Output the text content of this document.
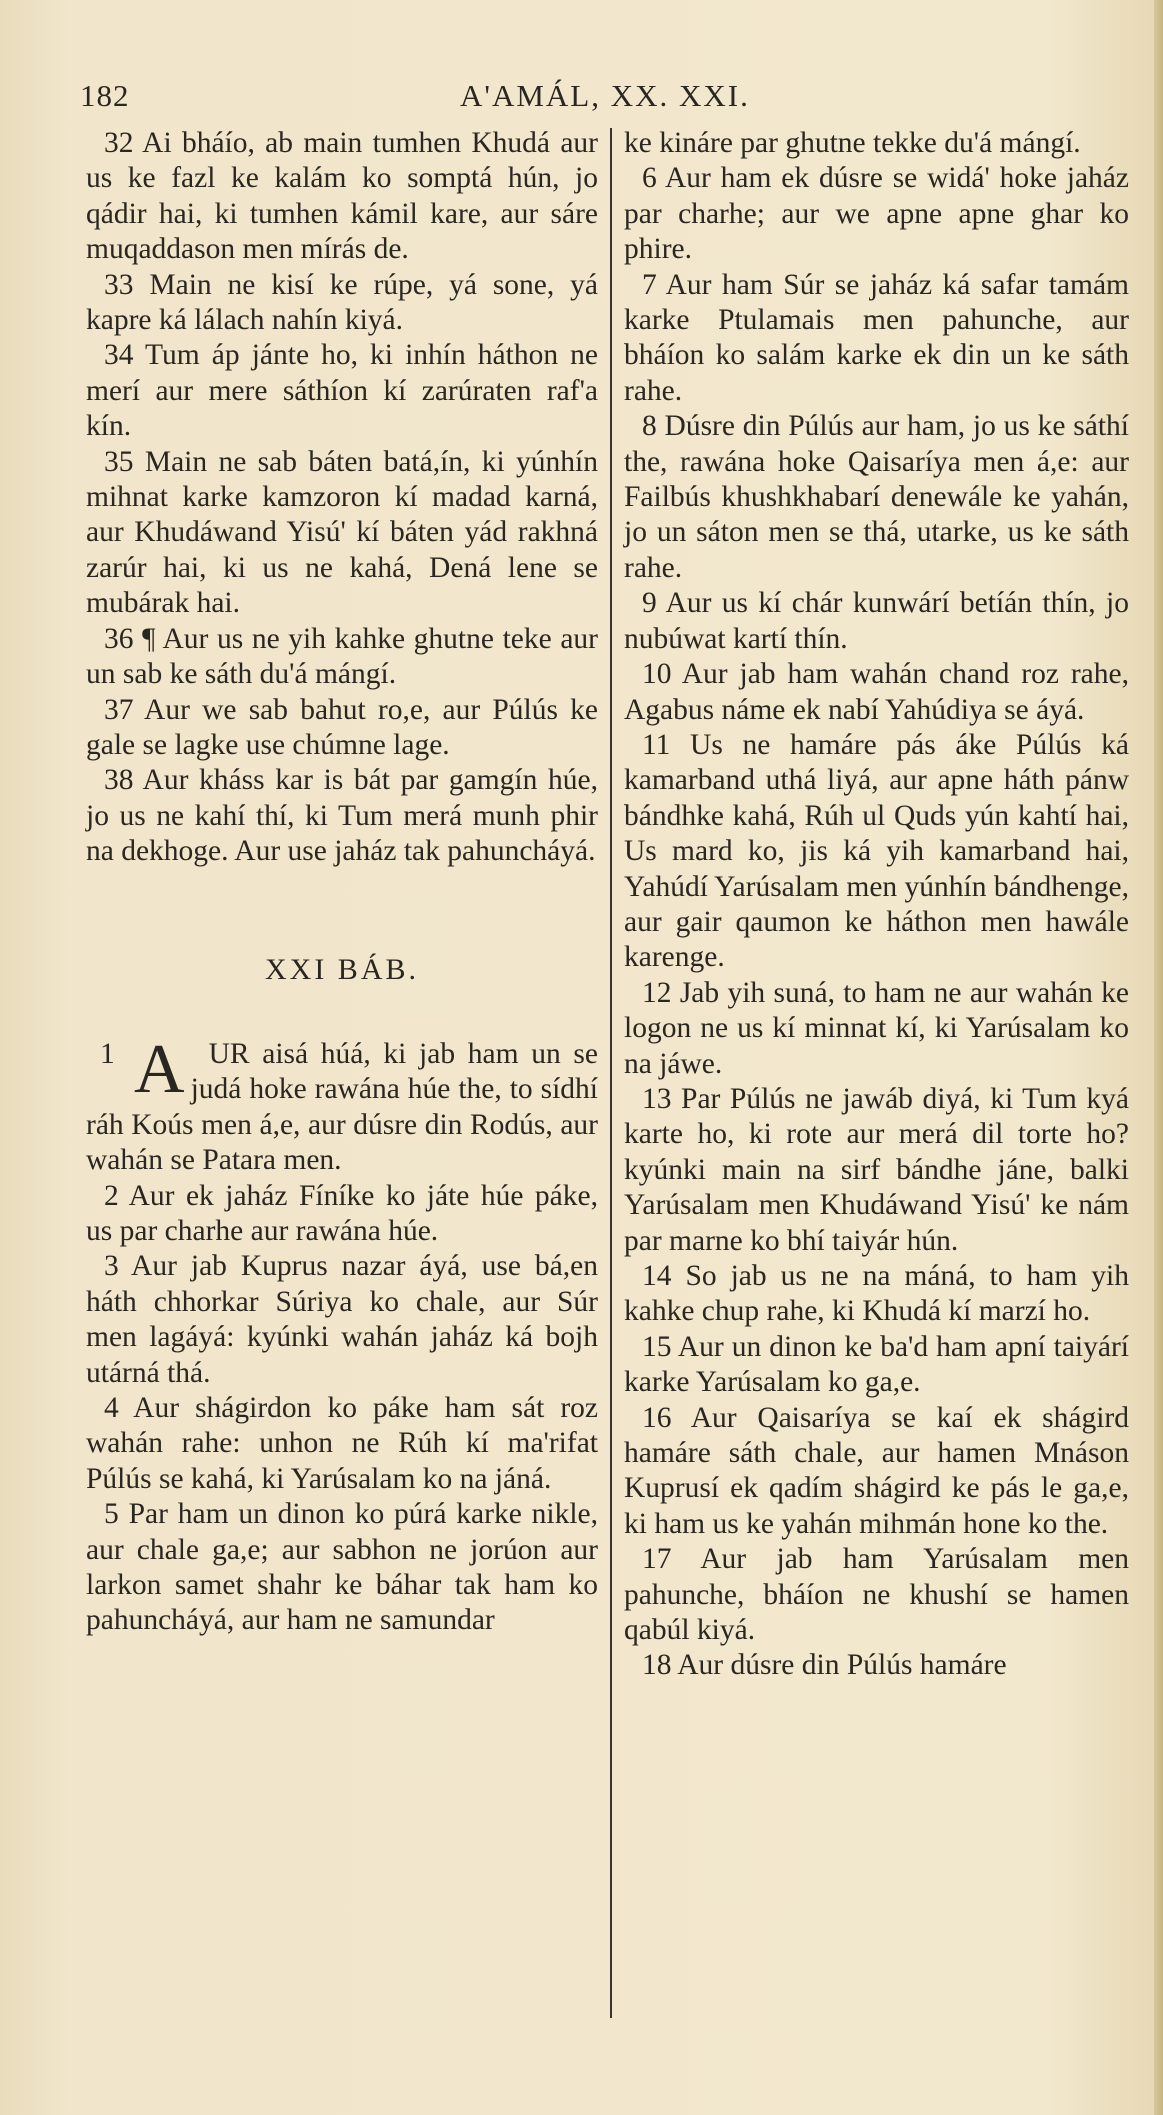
182	A'AMÁL, XX. XXI.

32 Ai bháío, ab main tumhen Khudá aur us ke fazl ke kalám ko somptá hún, jo qádir hai, ki tumhen kámil kare, aur sáre muqaddason men mírás de.

33 Main ne kisí ke rúpe, yá sone, yá kapre ká lálach nahín kiyá.

34 Tum áp jánte ho, ki inhín háthon ne merí aur mere sáthíon kí zarúraten raf'a kín.

35 Main ne sab báten batá,ín, ki yúnhín mihnat karke kamzoron kí madad karná, aur Khudáwand Yisú' kí báten yád rakhná zarúr hai, ki us ne kahá, Dená lene se mubárak hai.

36 ¶ Aur us ne yih kahke ghutne teke aur un sab ke sáth du'á mángí.

37 Aur we sab bahut ro,e, aur Púlús ke gale se lagke use chúmne lage.

38 Aur kháss kar is bát par gamgín húe, jo us ne kahí thí, ki Tum merá munh phir na dekhoge. Aur use jaház tak pahuncháyá.

XXI BÁB.

1 A UR aisá húá, ki jab ham un se judá hoke rawána húe the, to sídhí ráh Koús men á,e, aur dúsre din Rodús, aur wahán se Patara men.

2 Aur ek jaház Fíníke ko játe húe páke, us par charhe aur rawána húe.

3 Aur jab Kuprus nazar áyá, use bá,en háth chhorkar Súriya ko chale, aur Súr men lagáyá: kyúnki wahán jaház ká bojh utárná thá.

4 Aur shágirdon ko páke ham sát roz wahán rahe: unhon ne Rúh kí ma'rifat Púlús se kahá, ki Yarúsalam ko na jáná.

5 Par ham un dinon ko púrá karke nikle, aur chale ga,e; aur sabhon ne jorúon aur larkon samet shahr ke báhar tak ham ko pahuncháyá, aur ham ne samundar

ke kináre par ghutne tekke du'á mángí.

6 Aur ham ek dúsre se widá' hoke jaház par charhe; aur we apne apne ghar ko phire.

7 Aur ham Súr se jaház ká safar tamám karke Ptulamais men pahunche, aur bháíon ko salám karke ek din un ke sáth rahe.

8 Dúsre din Púlús aur ham, jo us ke sáthí the, rawána hoke Qaisaríya men á,e: aur Failbús khushkhabarí denewále ke yahán, jo un sáton men se thá, utarke, us ke sáth rahe.

9 Aur us kí chár kunwárí betíán thín, jo nubúwat kartí thín.

10 Aur jab ham wahán chand roz rahe, Agabus náme ek nabí Yahúdiya se áyá.

11 Us ne hamáre pás áke Púlús ká kamarband uthá liyá, aur apne háth pánw bándhke kahá, Rúh ul Quds yún kahtí hai, Us mard ko, jis ká yih kamarband hai, Yahúdí Yarúsalam men yúnhín bándhenge, aur gair qaumon ke háthon men hawále karenge.

12 Jab yih suná, to ham ne aur wahán ke logon ne us kí minnat kí, ki Yarúsalam ko na jáwe.

13 Par Púlús ne jawáb diyá, ki Tum kyá karte ho, ki rote aur merá dil torte ho? kyúnki main na sirf bándhe jáne, balki Yarúsalam men Khudáwand Yisú' ke nám par marne ko bhí taiyár hún.

14 So jab us ne na máná, to ham yih kahke chup rahe, ki Khudá kí marzí ho.

15 Aur un dinon ke ba'd ham apní taiyárí karke Yarúsalam ko ga,e.

16 Aur Qaisaríya se kaí ek shágird hamáre sáth chale, aur hamen Mnáson Kuprusí ek qadím shágird ke pás le ga,e, ki ham us ke yahán mihmán hone ko the.

17 Aur jab ham Yarúsalam men pahunche, bháíon ne khushí se hamen qabúl kiyá.

18 Aur dúsre din Púlús hamáre
